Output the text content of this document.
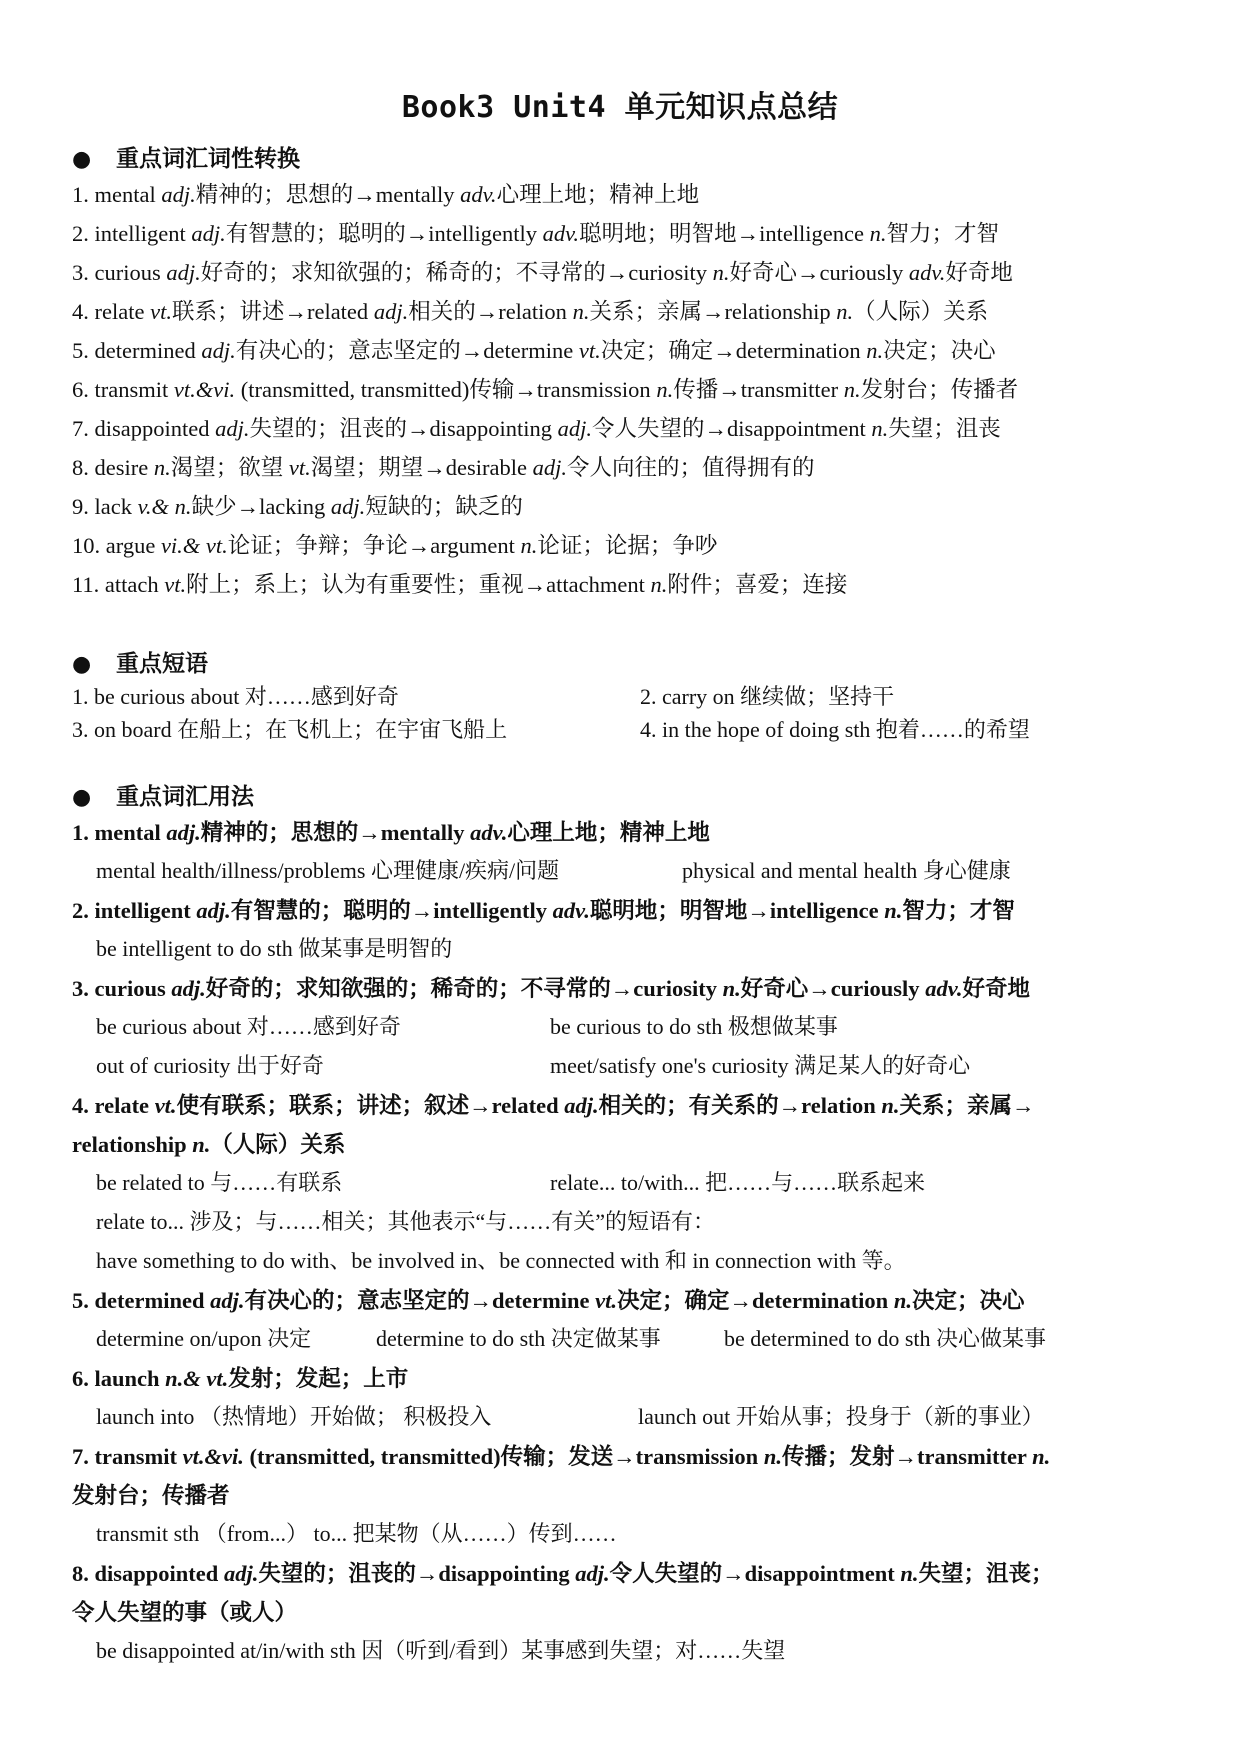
Book3 Unit4 单元知识点总结
● 重点词汇词性转换
1. mental adj.精神的；思想的→mentally adv.心理上地；精神上地
2. intelligent adj.有智慧的；聪明的→intelligently adv.聪明地；明智地→intelligence n.智力；才智
3. curious adj.好奇的；求知欲强的；稀奇的；不寻常的→curiosity n.好奇心→curiously adv.好奇地
4. relate vt.联系；讲述→related adj.相关的→relation n.关系；亲属→relationship n.（人际）关系
5. determined adj.有决心的；意志坚定的→determine vt.决定；确定→determination n.决定；决心
6. transmit vt.&vi. (transmitted, transmitted)传输→transmission n.传播→transmitter n.发射台；传播者
7. disappointed adj.失望的；沮丧的→disappointing adj.令人失望的→disappointment n.失望；沮丧
8. desire n.渴望；欲望 vt.渴望；期望→desirable adj.令人向往的；值得拥有的
9. lack v.& n.缺少→lacking adj.短缺的；缺乏的
10. argue vi.& vt.论证；争辩；争论→argument n.论证；论据；争吵
11. attach vt.附上；系上；认为有重要性；重视→attachment n.附件；喜爱；连接
● 重点短语
1. be curious about 对……感到好奇	2. carry on 继续做；坚持干
3. on board 在船上；在飞机上；在宇宙飞船上	4. in the hope of doing sth 抱着……的希望
● 重点词汇用法
1. mental adj.精神的；思想的→mentally adv.心理上地；精神上地
mental health/illness/problems 心理健康/疾病/问题	physical and mental health 身心健康
2. intelligent adj.有智慧的；聪明的→intelligently adv.聪明地；明智地→intelligence n.智力；才智
be intelligent to do sth 做某事是明智的
3. curious adj.好奇的；求知欲强的；稀奇的；不寻常的→curiosity n.好奇心→curiously adv.好奇地
be curious about 对……感到好奇	be curious to do sth 极想做某事
out of curiosity 出于好奇	meet/satisfy one's curiosity 满足某人的好奇心
4. relate vt.使有联系；联系；讲述；叙述→related adj.相关的；有关系的→relation n.关系；亲属→
relationship n.（人际）关系
be related to 与……有联系	relate... to/with... 把……与……联系起来
relate to... 涉及；与……相关；其他表示“与……有关”的短语有：
have something to do with、be involved in、be connected with 和 in connection with 等。
5. determined adj.有决心的；意志坚定的→determine vt.决定；确定→determination n.决定；决心
determine on/upon 决定	determine to do sth 决定做某事	be determined to do sth 决心做某事
6. launch n.& vt.发射；发起；上市
launch into （热情地）开始做； 积极投入	launch out 开始从事；投身于（新的事业）
7. transmit vt.&vi. (transmitted, transmitted)传输；发送→transmission n.传播；发射→transmitter n.
发射台；传播者
transmit sth （from...） to... 把某物（从……）传到……
8. disappointed adj.失望的；沮丧的→disappointing adj.令人失望的→disappointment n.失望；沮丧；
令人失望的事（或人）
be disappointed at/in/with sth 因（听到/看到）某事感到失望；对……失望
